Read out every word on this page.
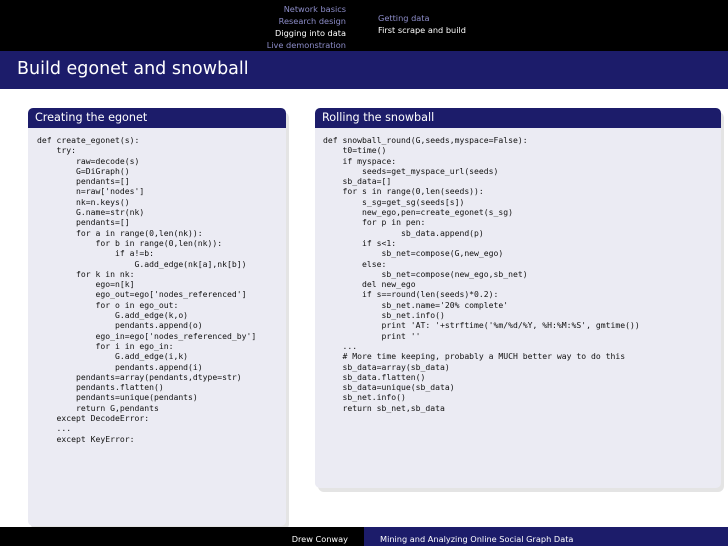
Network basics
Research design
Digging into data
Live demonstration
Getting data
First scrape and build
Build egonet and snowball
Creating the egonet
def create_egonet(s):
try:
raw=decode(s)
G=DiGraph()
pendants=[]
n=raw['nodes']
nk=n.keys()
G.name=str(nk)
pendants=[]
for a in range(0,len(nk)):
for b in range(0,len(nk)):
if a!=b:
G.add_edge(nk[a],nk[b])
for k in nk:
ego=n[k]
ego_out=ego['nodes_referenced']
for o in ego_out:
G.add_edge(k,o)
pendants.append(o)
ego_in=ego['nodes_referenced_by']
for i in ego_in:
G.add_edge(i,k)
pendants.append(i)
pendants=array(pendants,dtype=str)
pendants.flatten()
pendants=unique(pendants)
return G,pendants
except DecodeError:
...
except KeyError:
Rolling the snowball
def snowball_round(G,seeds,myspace=False):
t0=time()
if myspace:
seeds=get_myspace_url(seeds)
sb_data=[]
for s in range(0,len(seeds)):
s_sg=get_sg(seeds[s])
new_ego,pen=create_egonet(s_sg)
for p in pen:
sb_data.append(p)
if s<1:
sb_net=compose(G,new_ego)
else:
sb_net=compose(new_ego,sb_net)
del new_ego
if s==round(len(seeds)*0.2):
sb_net.name='20% complete'
sb_net.info()
print 'AT: '+strftime('%m/%d/%Y, %H:%M:%S', gmtime())
print ''
...
# More time keeping, probably a MUCH better way to do this
sb_data=array(sb_data)
sb_data.flatten()
sb_data=unique(sb_data)
sb_net.info()
return sb_net,sb_data
Drew Conway	Mining and Analyzing Online Social Graph Data
